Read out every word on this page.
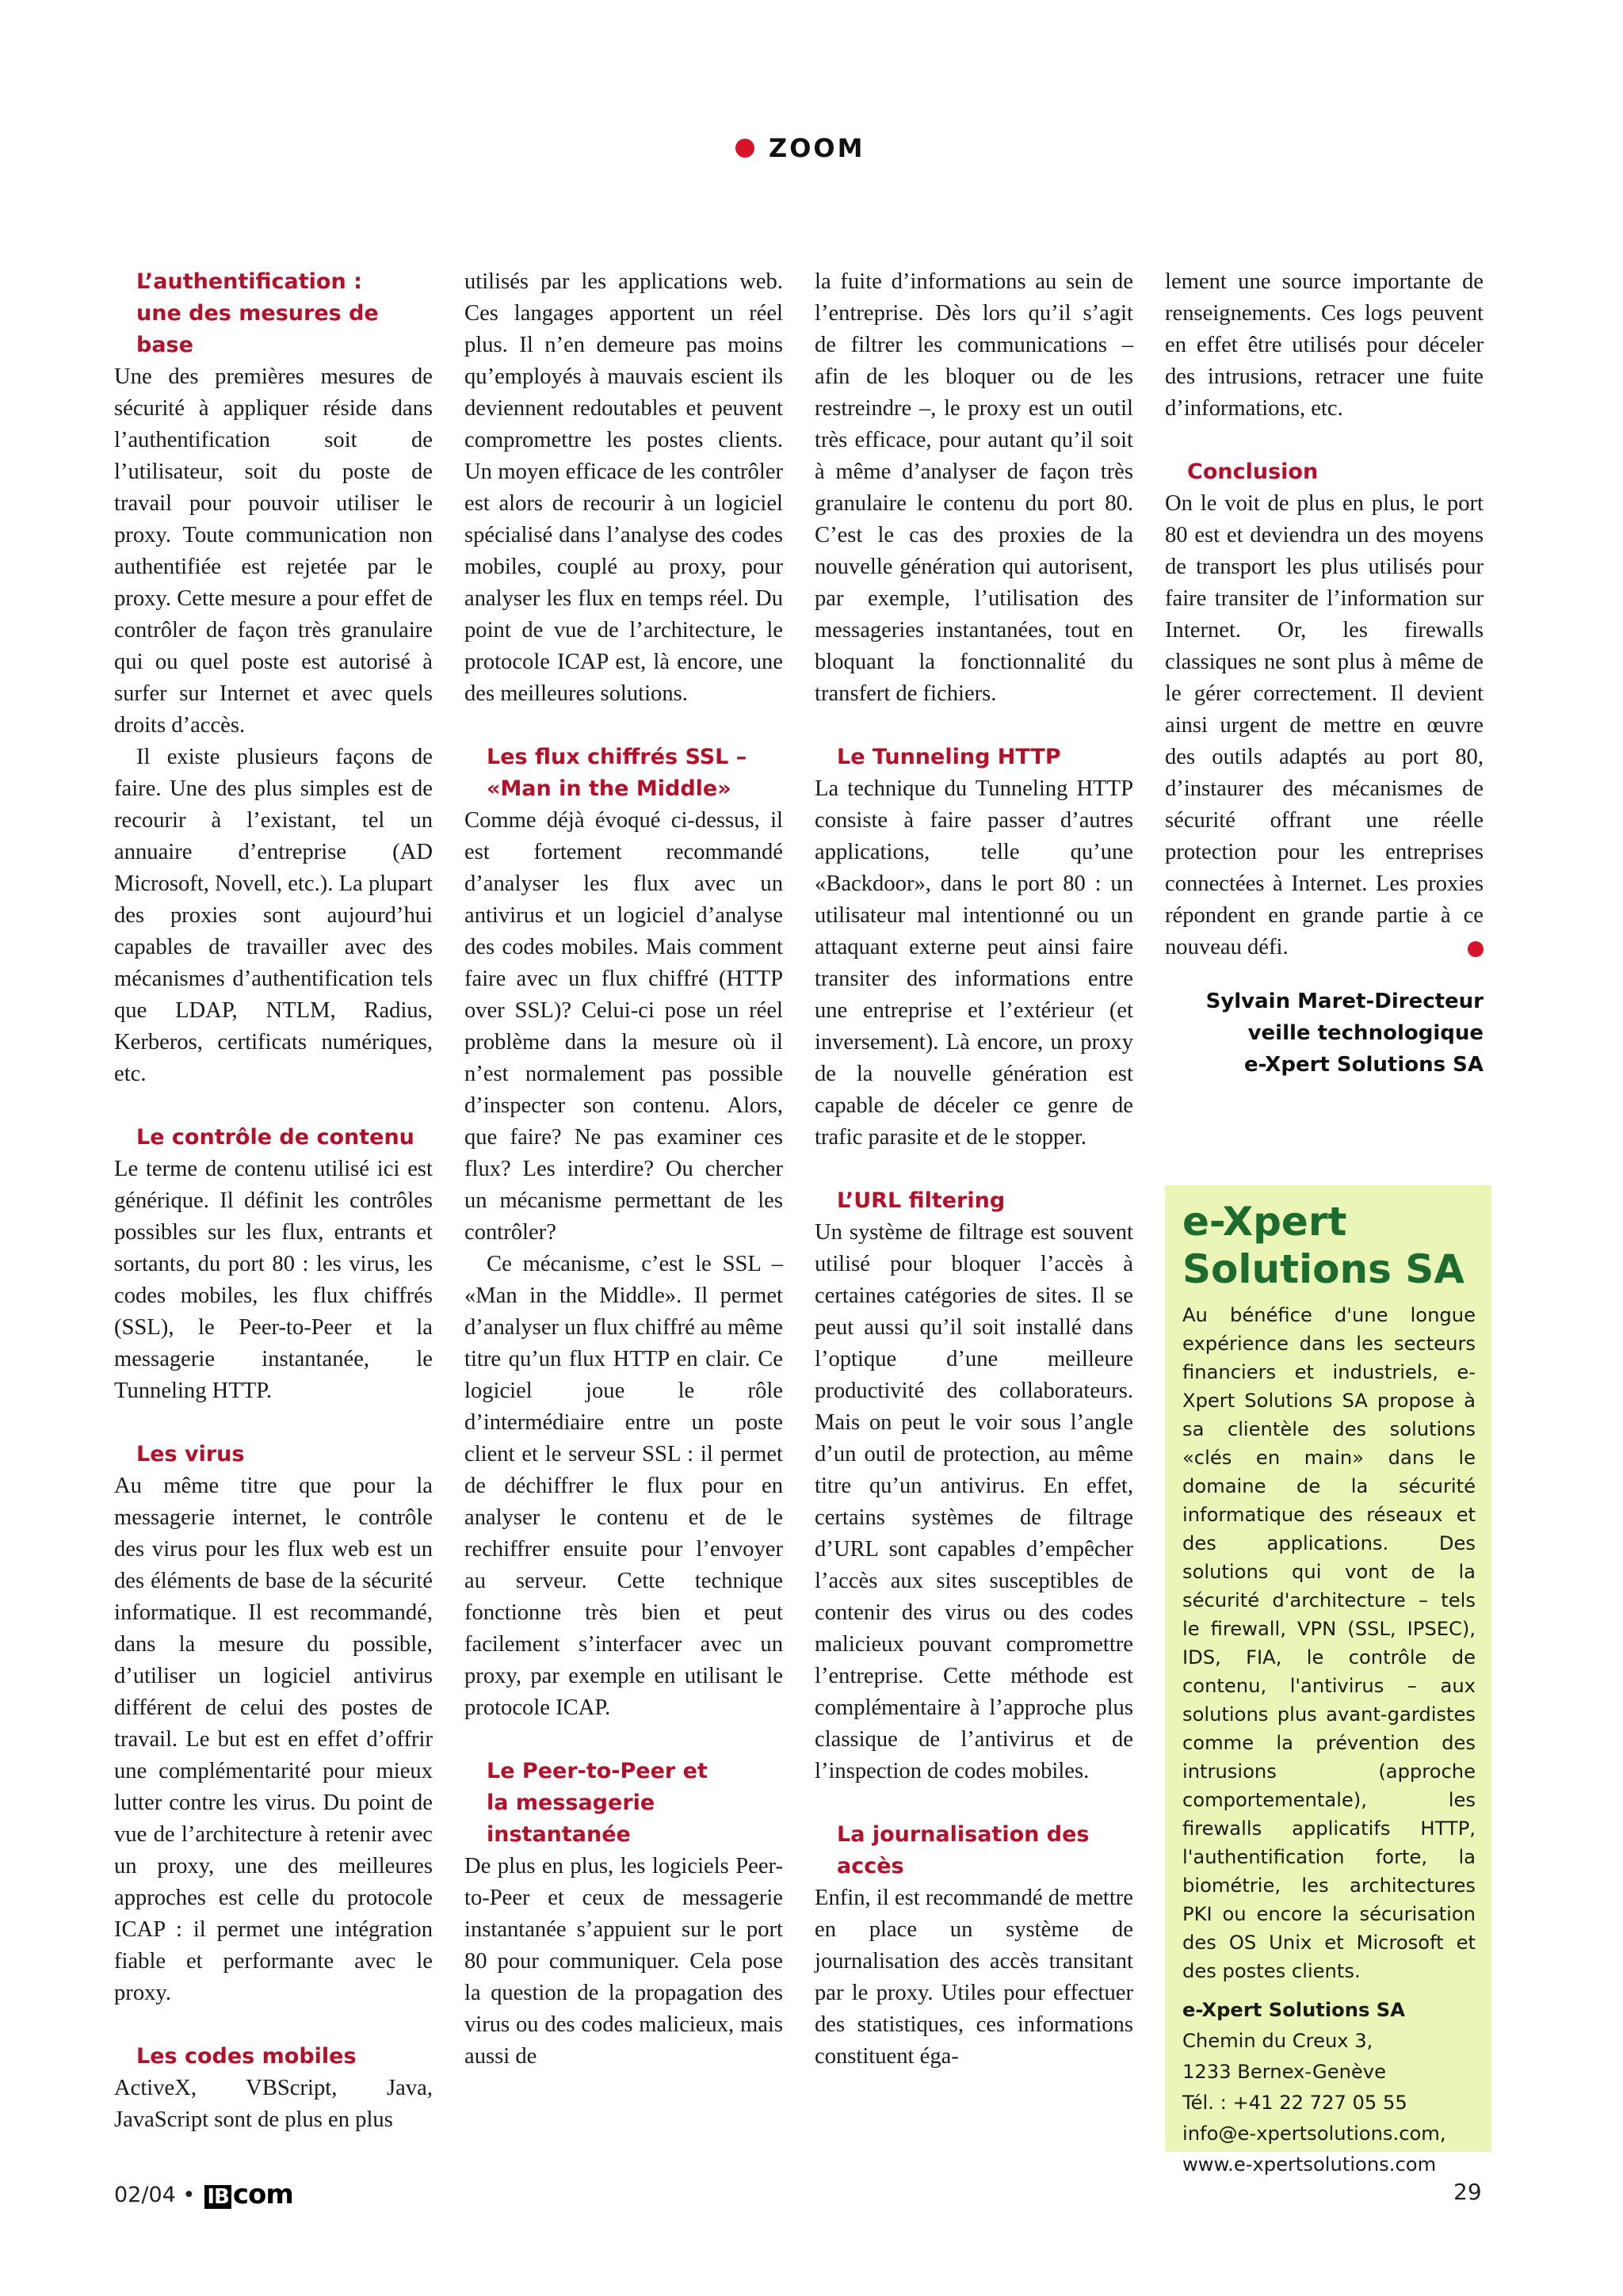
ZOOM
L’authentification :
une des mesures de base

Une des premières mesures de sécurité à appliquer réside dans l’authentification soit de l’utilisateur, soit du poste de travail pour pouvoir utiliser le proxy. Toute communication non authentifiée est rejetée par le proxy. Cette mesure a pour effet de contrôler de façon très granulaire qui ou quel poste est autorisé à surfer sur Internet et avec quels droits d’accès.

Il existe plusieurs façons de faire. Une des plus simples est de recourir à l’existant, tel un annuaire d’entreprise (AD Microsoft, Novell, etc.). La plupart des proxies sont aujourd’hui capables de travailler avec des mécanismes d’authentification tels que LDAP, NTLM, Radius, Kerberos, certificats numériques, etc.

Le contrôle de contenu

Le terme de contenu utilisé ici est générique. Il définit les contrôles possibles sur les flux, entrants et sortants, du port 80 : les virus, les codes mobiles, les flux chiffrés (SSL), le Peer-to-Peer et la messagerie instantanée, le Tunneling HTTP.

Les virus

Au même titre que pour la messagerie internet, le contrôle des virus pour les flux web est un des éléments de base de la sécurité informatique. Il est recommandé, dans la mesure du possible, d’utiliser un logiciel antivirus différent de celui des postes de travail. Le but est en effet d’offrir une complémentarité pour mieux lutter contre les virus. Du point de vue de l’architecture à retenir avec un proxy, une des meilleures approches est celle du protocole ICAP : il permet une intégration fiable et performante avec le proxy.

Les codes mobiles

ActiveX, VBScript, Java, JavaScript sont de plus en plus

utilisés par les applications web. Ces langages apportent un réel plus. Il n’en demeure pas moins qu’employés à mauvais escient ils deviennent redoutables et peuvent compromettre les postes clients. Un moyen efficace de les contrôler est alors de recourir à un logiciel spécialisé dans l’analyse des codes mobiles, couplé au proxy, pour analyser les flux en temps réel. Du point de vue de l’architecture, le protocole ICAP est, là encore, une des meilleures solutions.

Les flux chiffrés SSL –
«Man in the Middle»

Comme déjà évoqué ci-dessus, il est fortement recommandé d’analyser les flux avec un antivirus et un logiciel d’analyse des codes mobiles. Mais comment faire avec un flux chiffré (HTTP over SSL)? Celui-ci pose un réel problème dans la mesure où il n’est normalement pas possible d’inspecter son contenu. Alors, que faire? Ne pas examiner ces flux? Les interdire? Ou chercher un mécanisme permettant de les contrôler?

Ce mécanisme, c’est le SSL – «Man in the Middle». Il permet d’analyser un flux chiffré au même titre qu’un flux HTTP en clair. Ce logiciel joue le rôle d’intermédiaire entre un poste client et le serveur SSL : il permet de déchiffrer le flux pour en analyser le contenu et de le rechiffrer ensuite pour l’envoyer au serveur. Cette technique fonctionne très bien et peut facilement s’interfacer avec un proxy, par exemple en utilisant le protocole ICAP.

Le Peer-to-Peer et
la messagerie instantanée

De plus en plus, les logiciels Peer-to-Peer et ceux de messagerie instantanée s’appuient sur le port 80 pour communiquer. Cela pose la question de la propagation des virus ou des codes malicieux, mais aussi de

la fuite d’informations au sein de l’entreprise. Dès lors qu’il s’agit de filtrer les communications – afin de les bloquer ou de les restreindre –, le proxy est un outil très efficace, pour autant qu’il soit à même d’analyser de façon très granulaire le contenu du port 80. C’est le cas des proxies de la nouvelle génération qui autorisent, par exemple, l’utilisation des messageries instantanées, tout en bloquant la fonctionnalité du transfert de fichiers.

Le Tunneling HTTP

La technique du Tunneling HTTP consiste à faire passer d’autres applications, telle qu’une «Backdoor», dans le port 80 : un utilisateur mal intentionné ou un attaquant externe peut ainsi faire transiter des informations entre une entreprise et l’extérieur (et inversement). Là encore, un proxy de la nouvelle génération est capable de déceler ce genre de trafic parasite et de le stopper.

L’URL filtering

Un système de filtrage est souvent utilisé pour bloquer l’accès à certaines catégories de sites. Il se peut aussi qu’il soit installé dans l’optique d’une meilleure productivité des collaborateurs. Mais on peut le voir sous l’angle d’un outil de protection, au même titre qu’un antivirus. En effet, certains systèmes de filtrage d’URL sont capables d’empêcher l’accès aux sites susceptibles de contenir des virus ou des codes malicieux pouvant compromettre l’entreprise. Cette méthode est complémentaire à l’approche plus classique de l’antivirus et de l’inspection de codes mobiles.

La journalisation des accès

Enfin, il est recommandé de mettre en place un système de journalisation des accès transitant par le proxy. Utiles pour effectuer des statistiques, ces informations constituent éga-

lement une source importante de renseignements. Ces logs peuvent en effet être utilisés pour déceler des intrusions, retracer une fuite d’informations, etc.

Conclusion

On le voit de plus en plus, le port 80 est et deviendra un des moyens de transport les plus utilisés pour faire transiter de l’information sur Internet. Or, les firewalls classiques ne sont plus à même de le gérer correctement. Il devient ainsi urgent de mettre en œuvre des outils adaptés au port 80, d’instaurer des mécanismes de sécurité offrant une réelle protection pour les entreprises connectées à Internet. Les proxies répondent en grande partie à ce nouveau défi.

Sylvain Maret-Directeur
veille technologique
e-Xpert Solutions SA
e-Xpert
Solutions SA

Au bénéfice d'une longue expérience dans les secteurs financiers et industriels, e-Xpert Solutions SA propose à sa clientèle des solutions «clés en main» dans le domaine de la sécurité informatique des réseaux et des applications. Des solutions qui vont de la sécurité d'architecture – tels le firewall, VPN (SSL, IPSEC), IDS, FIA, le contrôle de contenu, l'antivirus – aux solutions plus avant-gardistes comme la prévention des intrusions (approche comportementale), les firewalls applicatifs HTTP, l'authentification forte, la biométrie, les architectures PKI ou encore la sécurisation des OS Unix et Microsoft et des postes clients.

e-Xpert Solutions SA
Chemin du Creux 3,
1233 Bernex-Genève
Tél. : +41 22 727 05 55
info@e-xpertsolutions.com,
www.e-xpertsolutions.com
02/04 • IB com	29
